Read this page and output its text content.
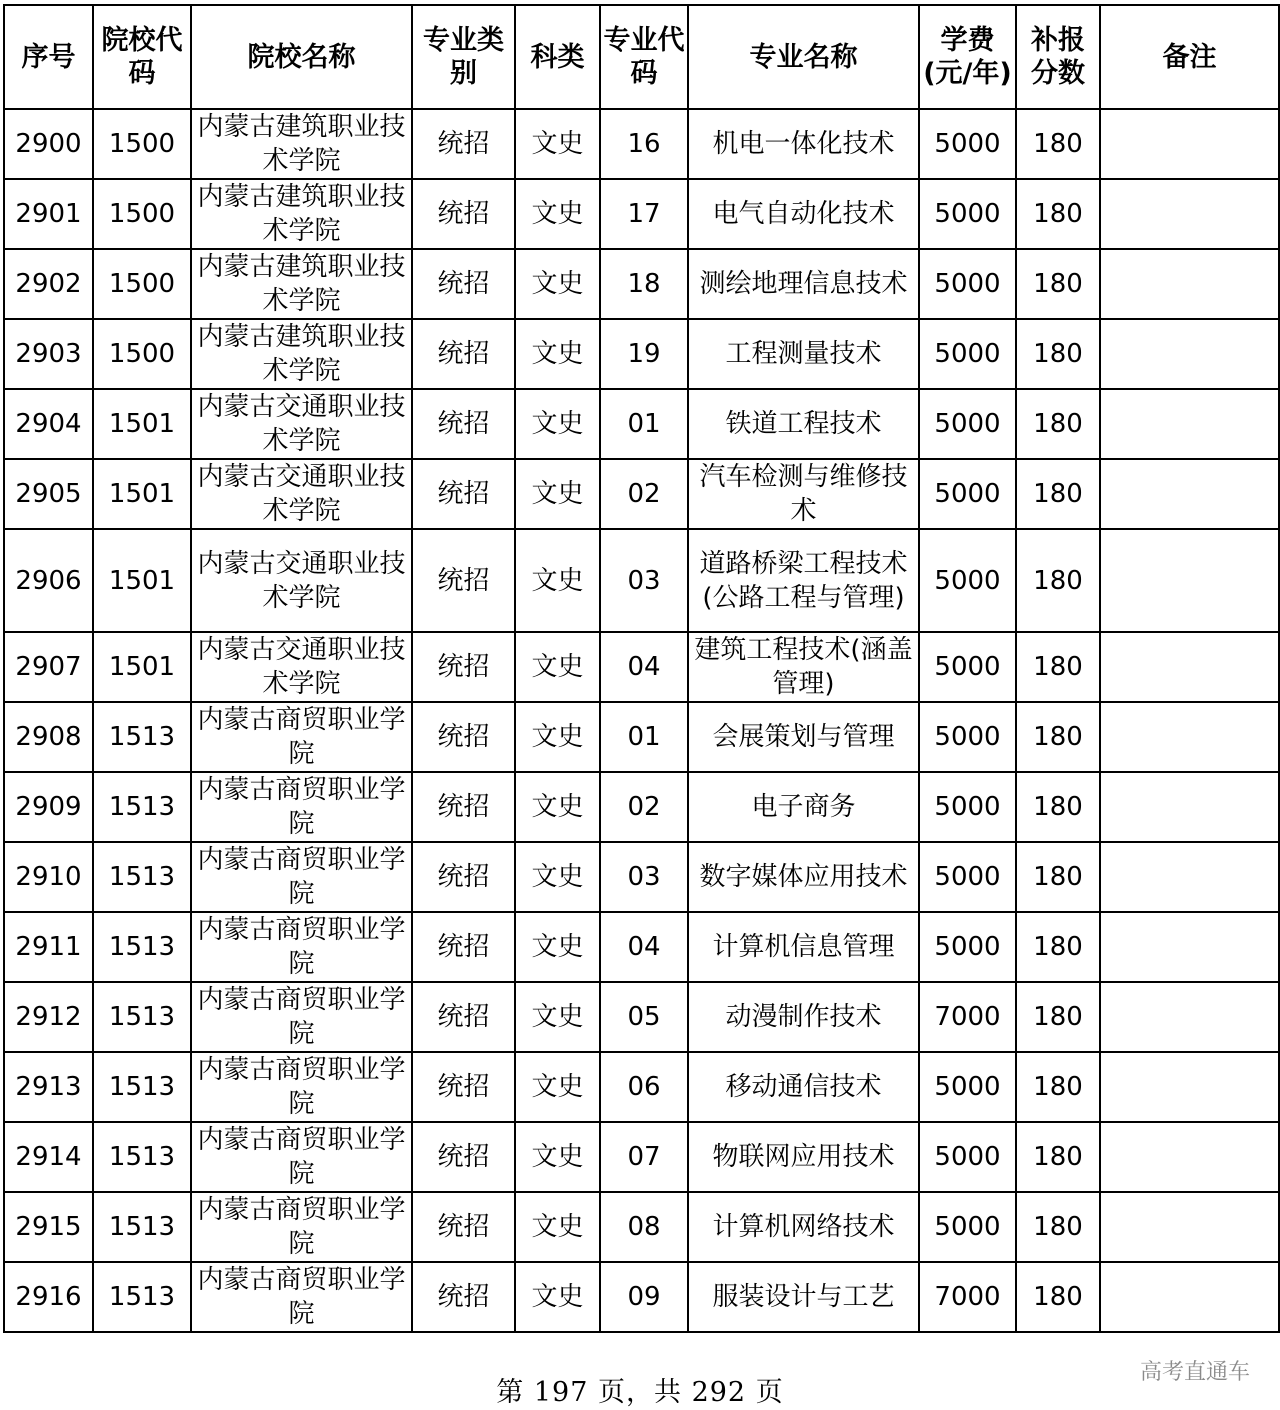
序号	院校代码	院校名称	专业类别	科类	专业代码	专业名称	学费(元/年)	补报分数	备注
2900	1500	内蒙古建筑职业技术学院	统招	文史	16	机电一体化技术	5000	180	
2901	1500	内蒙古建筑职业技术学院	统招	文史	17	电气自动化技术	5000	180	
2902	1500	内蒙古建筑职业技术学院	统招	文史	18	测绘地理信息技术	5000	180	
2903	1500	内蒙古建筑职业技术学院	统招	文史	19	工程测量技术	5000	180	
2904	1501	内蒙古交通职业技术学院	统招	文史	01	铁道工程技术	5000	180	
2905	1501	内蒙古交通职业技术学院	统招	文史	02	汽车检测与维修技术	5000	180	
2906	1501	内蒙古交通职业技术学院	统招	文史	03	道路桥梁工程技术(公路工程与管理)	5000	180	
2907	1501	内蒙古交通职业技术学院	统招	文史	04	建筑工程技术(涵盖管理)	5000	180	
2908	1513	内蒙古商贸职业学院	统招	文史	01	会展策划与管理	5000	180	
2909	1513	内蒙古商贸职业学院	统招	文史	02	电子商务	5000	180	
2910	1513	内蒙古商贸职业学院	统招	文史	03	数字媒体应用技术	5000	180	
2911	1513	内蒙古商贸职业学院	统招	文史	04	计算机信息管理	5000	180	
2912	1513	内蒙古商贸职业学院	统招	文史	05	动漫制作技术	7000	180	
2913	1513	内蒙古商贸职业学院	统招	文史	06	移动通信技术	5000	180	
2914	1513	内蒙古商贸职业学院	统招	文史	07	物联网应用技术	5000	180	
2915	1513	内蒙古商贸职业学院	统招	文史	08	计算机网络技术	5000	180	
2916	1513	内蒙古商贸职业学院	统招	文史	09	服装设计与工艺	7000	180	
第 197 页，共 292 页
高考直通车
